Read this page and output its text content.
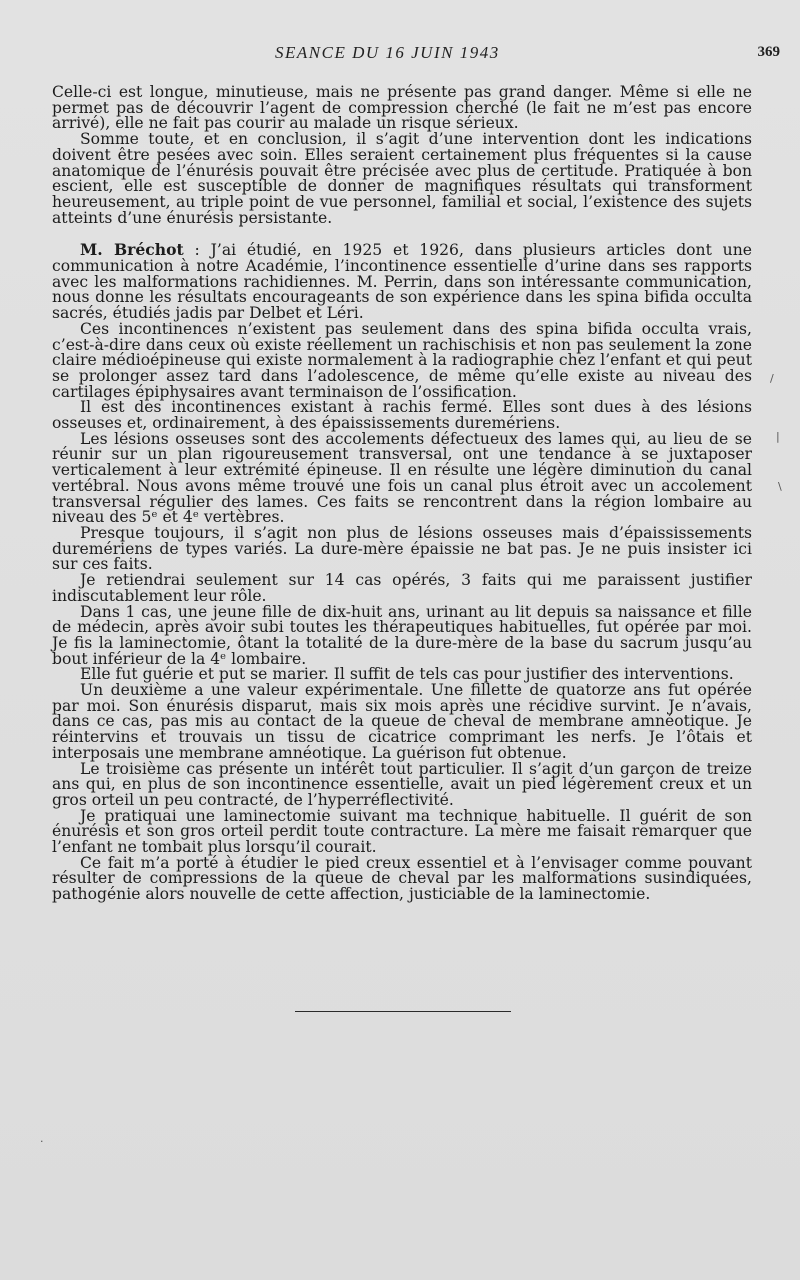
SEANCE DU 16 JUIN 1943	369

Celle-ci est longue, minutieuse, mais ne présente pas grand danger. Même si elle ne permet pas de découvrir l’agent de compression cherché (le fait ne m’est pas encore arrivé), elle ne fait pas courir au malade un risque sérieux.

Somme toute, et en conclusion, il s’agit d’une intervention dont les indications doivent être pesées avec soin. Elles seraient certainement plus fréquentes si la cause anatomique de l’énurésis pouvait être précisée avec plus de certitude. Pratiquée à bon escient, elle est susceptible de donner de magnifiques résultats qui transforment heureusement, au triple point de vue personnel, familial et social, l’existence des sujets atteints d’une énurésis persistante.

M. Bréchot : J’ai étudié, en 1925 et 1926, dans plusieurs articles dont une communication à notre Académie, l’incontinence essentielle d’urine dans ses rapports avec les malformations rachidiennes. M. Perrin, dans son intéressante communication, nous donne les résultats encourageants de son expérience dans les spina bifida occulta sacrés, étudiés jadis par Delbet et Léri.

Ces incontinences n’existent pas seulement dans des spina bifida occulta vrais, c’est-à-dire dans ceux où existe réellement un rachischisis et non pas seulement la zone claire médioépineuse qui existe normalement à la radiographie chez l’enfant et qui peut se prolonger assez tard dans l’adolescence, de même qu’elle existe au niveau des cartilages épiphysaires avant terminaison de l’ossification.

Il est des incontinences existant à rachis fermé. Elles sont dues à des lésions osseuses et, ordinairement, à des épaississements duremériens.

Les lésions osseuses sont des accolements défectueux des lames qui, au lieu de se réunir sur un plan rigoureusement transversal, ont une tendance à se juxtaposer verticalement à leur extrémité épineuse. Il en résulte une légère diminution du canal vertébral. Nous avons même trouvé une fois un canal plus étroit avec un accolement transversal régulier des lames. Ces faits se rencontrent dans la région lombaire au niveau des 5ᵉ et 4ᵉ vertèbres.

Presque toujours, il s’agit non plus de lésions osseuses mais d’épaississements duremériens de types variés. La dure-mère épaissie ne bat pas. Je ne puis insister ici sur ces faits.

Je retiendrai seulement sur 14 cas opérés, 3 faits qui me paraissent justifier indiscutablement leur rôle.

Dans 1 cas, une jeune fille de dix-huit ans, urinant au lit depuis sa naissance et fille de médecin, après avoir subi toutes les thérapeutiques habituelles, fut opérée par moi. Je fis la laminectomie, ôtant la totalité de la dure-mère de la base du sacrum jusqu’au bout inférieur de la 4ᵉ lombaire.

Elle fut guérie et put se marier. Il suffit de tels cas pour justifier des interventions.

Un deuxième a une valeur expérimentale. Une fillette de quatorze ans fut opérée par moi. Son énurésis disparut, mais six mois après une récidive survint. Je n’avais, dans ce cas, pas mis au contact de la queue de cheval de membrane amnéotique. Je réintervins et trouvais un tissu de cicatrice comprimant les nerfs. Je l’ôtais et interposais une membrane amnéotique. La guérison fut obtenue.

Le troisième cas présente un intérêt tout particulier. Il s’agit d’un garçon de treize ans qui, en plus de son incontinence essentielle, avait un pied légèrement creux et un gros orteil un peu contracté, de l’hyperréflectivité.

Je pratiquai une laminectomie suivant ma technique habituelle. Il guérit de son énurésis et son gros orteil perdit toute contracture. La mère me faisait remarquer que l’enfant ne tombait plus lorsqu’il courait.

Ce fait m’a porté à étudier le pied creux essentiel et à l’envisager comme pouvant résulter de compressions de la queue de cheval par les malformations susindiquées, pathogénie alors nouvelle de cette affection, justiciable de la laminectomie.

/
|
\
·
